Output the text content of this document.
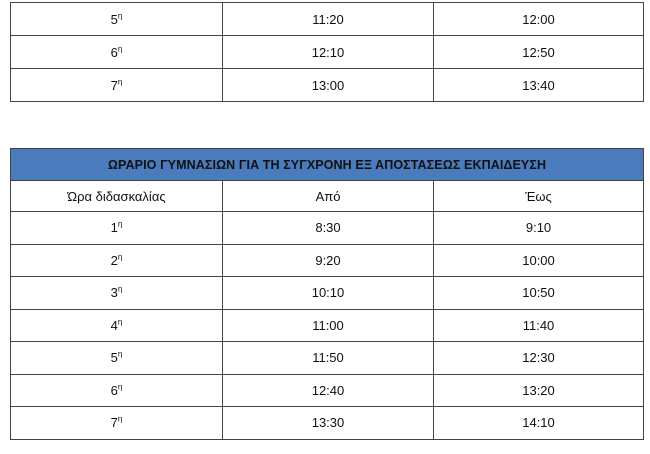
$5^\eta$	11:20	12:00
$6^\eta$	12:10	12:50
$7^\eta$	13:00	13:40
ΩΡΑΡΙΟ ΓΥΜΝΑΣΙΩΝ ΓΙΑ ΤΗ ΣΥΓΧΡΟΝΗ ΕΞ ΑΠΟΣΤΑΣΕΩΣ ΕΚΠΑΙΔΕΥΣΗ		
Ώρα διδασκαλίας	Από	Έως
$1^\eta$	8:30	9:10
$2^\eta$	9:20	10:00
$3^\eta$	10:10	10:50
$4^\eta$	11:00	11:40
$5^\eta$	11:50	12:30
$6^\eta$	12:40	13:20
$7^\eta$	13:30	14:10
